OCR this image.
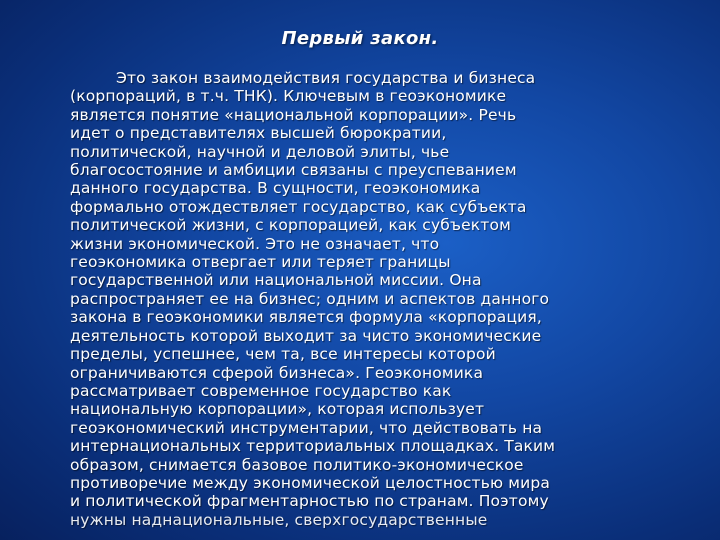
Первый закон.
Это закон взаимодействия государства и бизнеса
(корпораций, в т.ч. ТНК). Ключевым в геоэкономике
является понятие «национальной корпорации». Речь
идет о представителях высшей бюрократии,
политической, научной и деловой элиты, чье
благосостояние и амбиции связаны с преуспеванием
данного государства. В сущности, геоэкономика
формально отождествляет государство, как субъекта
политической жизни, с корпорацией, как субъектом
жизни экономической. Это не означает, что
геоэкономика отвергает или теряет границы
государственной или национальной миссии. Она
распространяет ее на бизнес; одним и аспектов данного
закона в геоэкономики является формула «корпорация,
деятельность которой выходит за чисто экономические
пределы, успешнее, чем та, все интересы которой
ограничиваются сферой бизнеса». Геоэкономика
рассматривает современное государство как
национальную корпорации», которая использует
геоэкономический инструментарии, что действовать на
интернациональных территориальных площадках. Таким
образом, снимается базовое политико-экономическое
противоречие между экономической целостностью мира
и политической фрагментарностью по странам. Поэтому
нужны наднациональные, сверхгосударственные
